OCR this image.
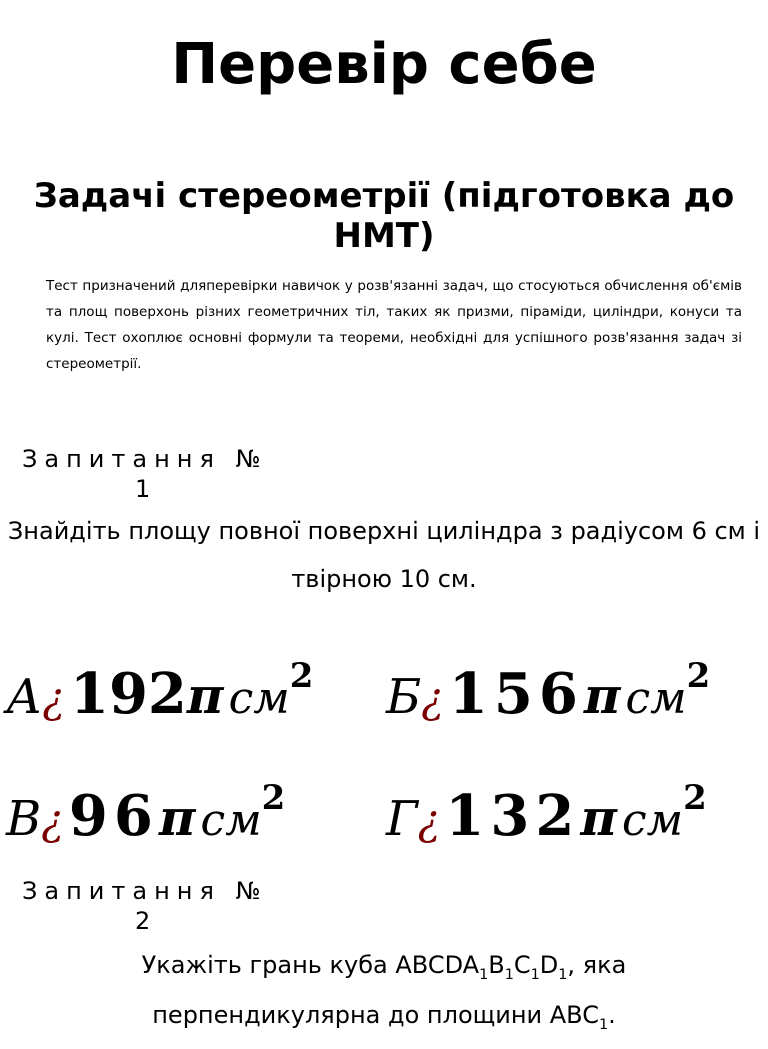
Перевір себе
Задачі стереометрії (підготовка до НМТ)

Тест призначений дляперевірки навичок у розв'язанні задач, що стосуються обчислення об'ємів та площ поверхонь різних геометричних тіл, таких як призми, піраміди, циліндри, конуси та кулі. Тест охоплює основні формули та теореми, необхідні для успішного розв'язання задач зі стереометрії.

Запитання №
1
Знайдіть площу повної поверхні циліндра з радіусом 6 см і твірною 10 см.
А¿ 192π см2 Б¿ 156π см2
В¿ 96π см2 Г¿ 132π см2
Запитання №
2
Укажіть грань куба $ABCDA_1B_1C_1D_1$, яка
перпендикулярна до площини $ABC_1$.
